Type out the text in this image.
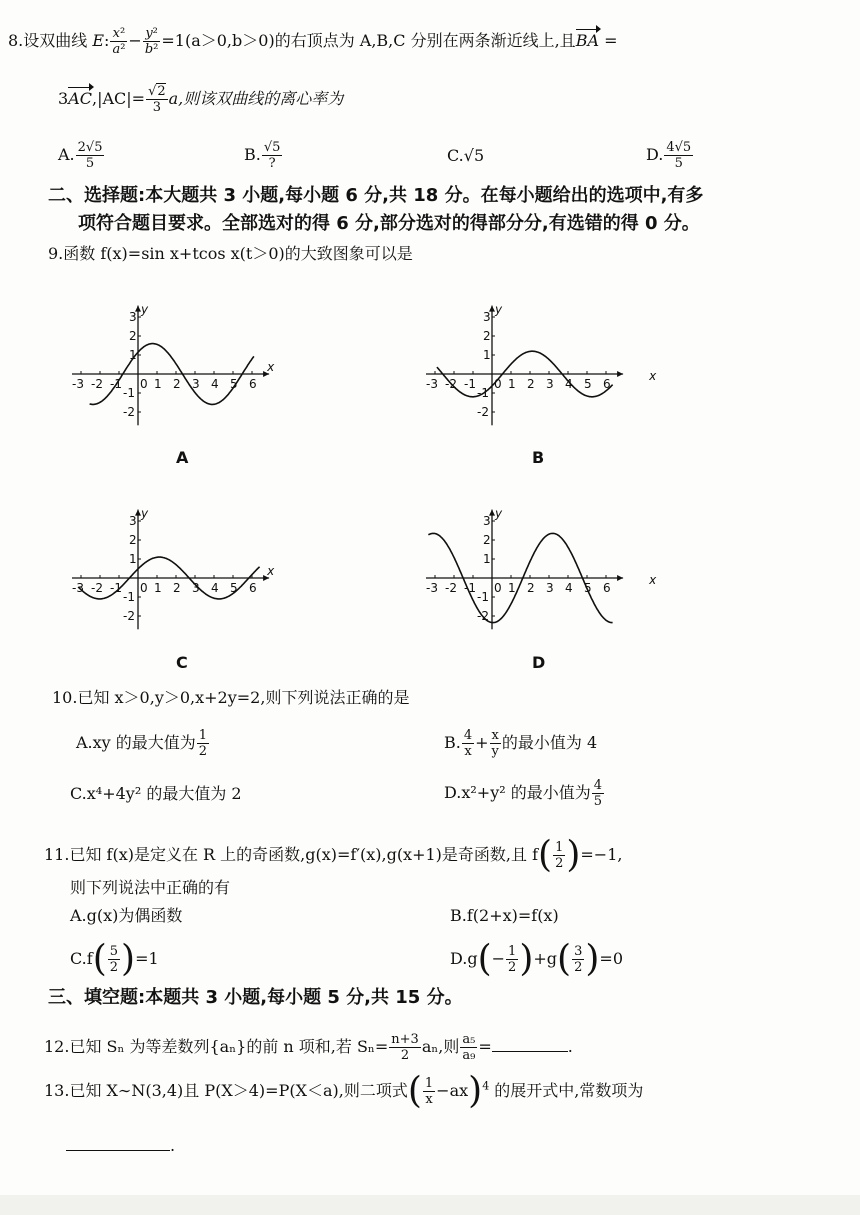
8.设双曲线 E: $\frac{\text{x²}}{\text{a²}} - \frac{\text{y²}}{\text{b²}} =1(a>0,b>0)$的右顶点为 A,B,C 分别在两条渐近线上,且BA =
$3AC,|AC|= \frac{√2}{3} a$,则该双曲线的离心率为
A. $\frac{2√5}{5}$	B. √5
?	C.√5	D. $\frac{4√5}{5}$
二、选择题:本大题共 3 小题,每小题 6 分,共 18 分。在每小题给出的选项中,有多
项符合题目要求。全部选对的得 6 分,部分选对的得部分分,有选错的得 0 分。
9.函数 f(x)=sin x+tcos x(t＞0)的大致图象可以是
-3 -2 -1 0 1 2 3 4 5 6
3
2
1
-1
-2
x
y
-3 -2 -1 0 1 2 3 4 5 6
3
2
1
-1
-2
x
y
-3 -2 -1 0 1 2 3 4 5 6
3
2
1
-1
-2
x
y
-3 -2 -1 0 1 2 3 4 5 6
3
2
1
-1
-2
x
y
A	B
C	D
10.已知 x＞0,y＞0,x+2y=2,则下列说法正确的是
A.xy 的最大值为 $\frac{1}{2}$	B. $\frac{4}{x} + \frac{x}{y}$ 的最小值为 4
C.x⁴+4y² 的最大值为 2	D.x²+y² 的最小值为 $\frac{4}{5}$
11.已知 f(x)是定义在 R 上的奇函数,g(x)=f′(x),g(x+1)是奇函数,且 $f( \frac{1}{2} )=-1$,
则下列说法中正确的有
A.g(x)为偶函数	B.f(2+x)=f(x)
$C.f( \frac{5}{2} )=1$	$D.g(- \frac{1}{2} )+g( \frac{3}{2} )=0$
三、填空题:本题共 3 小题,每小题 5 分,共 15 分。
12.已知 Sₙ 为等差数列{aₙ}的前 n 项和,若 $S_n= \frac{n+3}{2} a_n$,则 $\frac{\text{a₅}}{\text{a₉}}$ =	.
13.已知 X∼N(3,4)且 P(X＞4)=P(X＜a),则二项式( $\frac{1}{x} -ax)^4$ 的展开式中,常数项为
.
